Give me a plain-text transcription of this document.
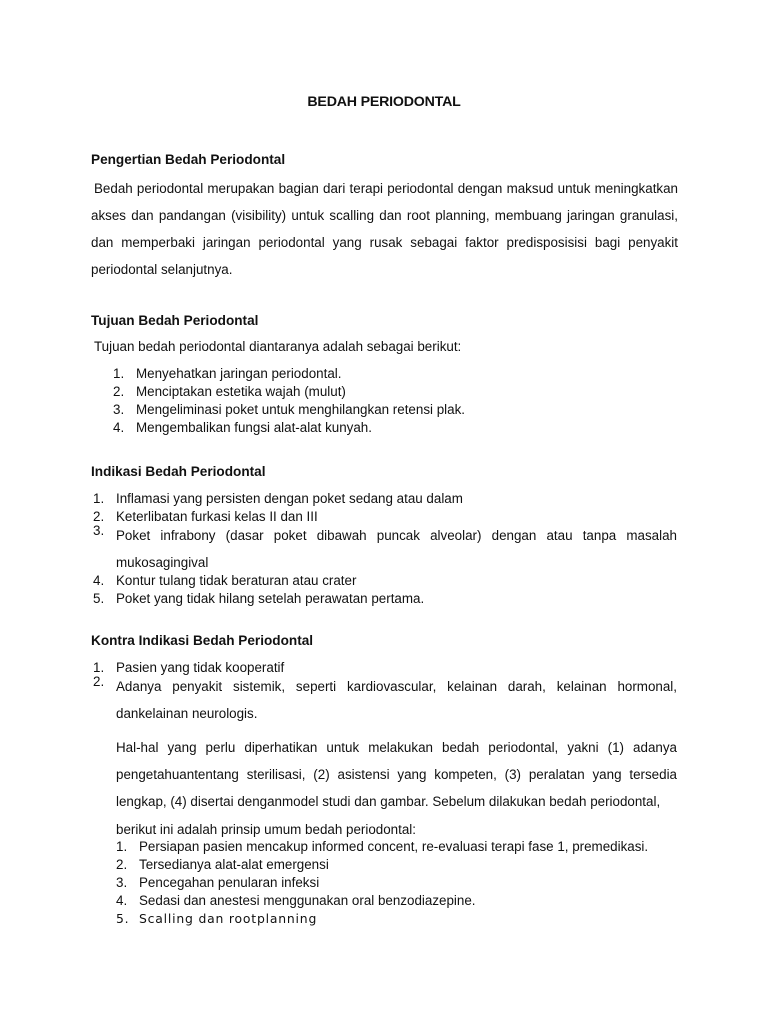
BEDAH PERIODONTAL
Pengertian Bedah Periodontal

Bedah periodontal merupakan bagian dari terapi periodontal dengan maksud untuk meningkatkan akses dan pandangan (visibility) untuk scalling dan root planning, membuang jaringan granulasi, dan memperbaki jaringan periodontal yang rusak sebagai faktor predisposisisi bagi penyakit periodontal selanjutnya.

Tujuan Bedah Periodontal

Tujuan bedah periodontal diantaranya adalah sebagai berikut:

1. Menyehatkan jaringan periodontal.
2. Menciptakan estetika wajah (mulut)
3. Mengeliminasi poket untuk menghilangkan retensi plak.
4. Mengembalikan fungsi alat-alat kunyah.
Indikasi Bedah Periodontal
1. Inflamasi yang persisten dengan poket sedang atau dalam
2. Keterlibatan furkasi kelas II dan III
3. Poket infrabony (dasar poket dibawah puncak alveolar) dengan atau tanpa masalah mukosagingival
4. Kontur tulang tidak beraturan atau crater
5. Poket yang tidak hilang setelah perawatan pertama.
Kontra Indikasi Bedah Periodontal
1. Pasien yang tidak kooperatif
2. Adanya penyakit sistemik, seperti kardiovascular, kelainan darah, kelainan hormonal, dankelainan neurologis.

Hal-hal yang perlu diperhatikan untuk melakukan bedah periodontal, yakni (1) adanya pengetahuantentang sterilisasi, (2) asistensi yang kompeten, (3) peralatan yang tersedia lengkap, (4) disertai denganmodel studi dan gambar. Sebelum dilakukan bedah periodontal,

berikut ini adalah prinsip umum bedah periodontal:

1. Persiapan pasien mencakup informed concent, re-evaluasi terapi fase 1, premedikasi.
2. Tersedianya alat-alat emergensi
3. Pencegahan penularan infeksi
4. Sedasi dan anestesi menggunakan oral benzodiazepine.
5. Scalling dan rootplanning
